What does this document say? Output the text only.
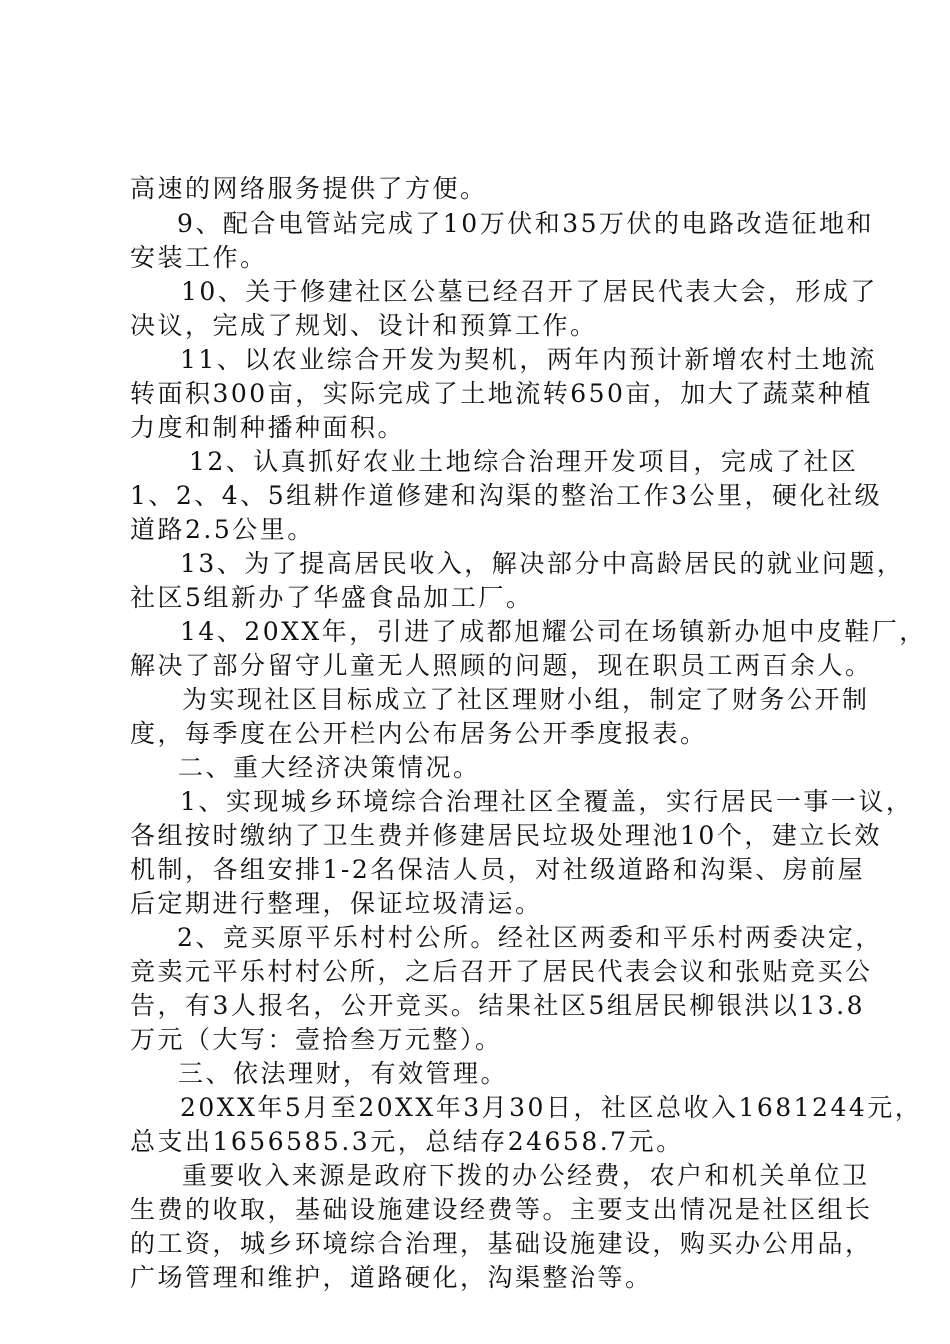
高速的网络服务提供了方便。
9、配合电管站完成了10万伏和35万伏的电路改造征地和
安装工作。
10、关于修建社区公墓已经召开了居民代表大会，形成了
决议，完成了规划、设计和预算工作。
11、以农业综合开发为契机，两年内预计新增农村土地流
转面积300亩，实际完成了土地流转650亩，加大了蔬菜种植
力度和制种播种面积。
12、认真抓好农业土地综合治理开发项目，完成了社区
1、2、4、5组耕作道修建和沟渠的整治工作3公里，硬化社级
道路2.5公里。
13、为了提高居民收入，解决部分中高龄居民的就业问题，
社区5组新办了华盛食品加工厂。
14、20XX年，引进了成都旭耀公司在场镇新办旭中皮鞋厂，
解决了部分留守儿童无人照顾的问题，现在职员工两百余人。
为实现社区目标成立了社区理财小组，制定了财务公开制
度，每季度在公开栏内公布居务公开季度报表。
二、重大经济决策情况。
1、实现城乡环境综合治理社区全覆盖，实行居民一事一议，
各组按时缴纳了卫生费并修建居民垃圾处理池10个，建立长效
机制，各组安排1-2名保洁人员，对社级道路和沟渠、房前屋
后定期进行整理，保证垃圾清运。
2、竞买原平乐村村公所。经社区两委和平乐村两委决定，
竞卖元平乐村村公所，之后召开了居民代表会议和张贴竞买公
告，有3人报名，公开竞买。结果社区5组居民柳银洪以13.8
万元（大写：壹拾叁万元整）。
三、依法理财，有效管理。
20XX年5月至20XX年3月30日，社区总收入1681244元，
总支出1656585.3元，总结存24658.7元。
重要收入来源是政府下拨的办公经费，农户和机关单位卫
生费的收取，基础设施建设经费等。主要支出情况是社区组长
的工资，城乡环境综合治理，基础设施建设，购买办公用品，
广场管理和维护，道路硬化，沟渠整治等。
